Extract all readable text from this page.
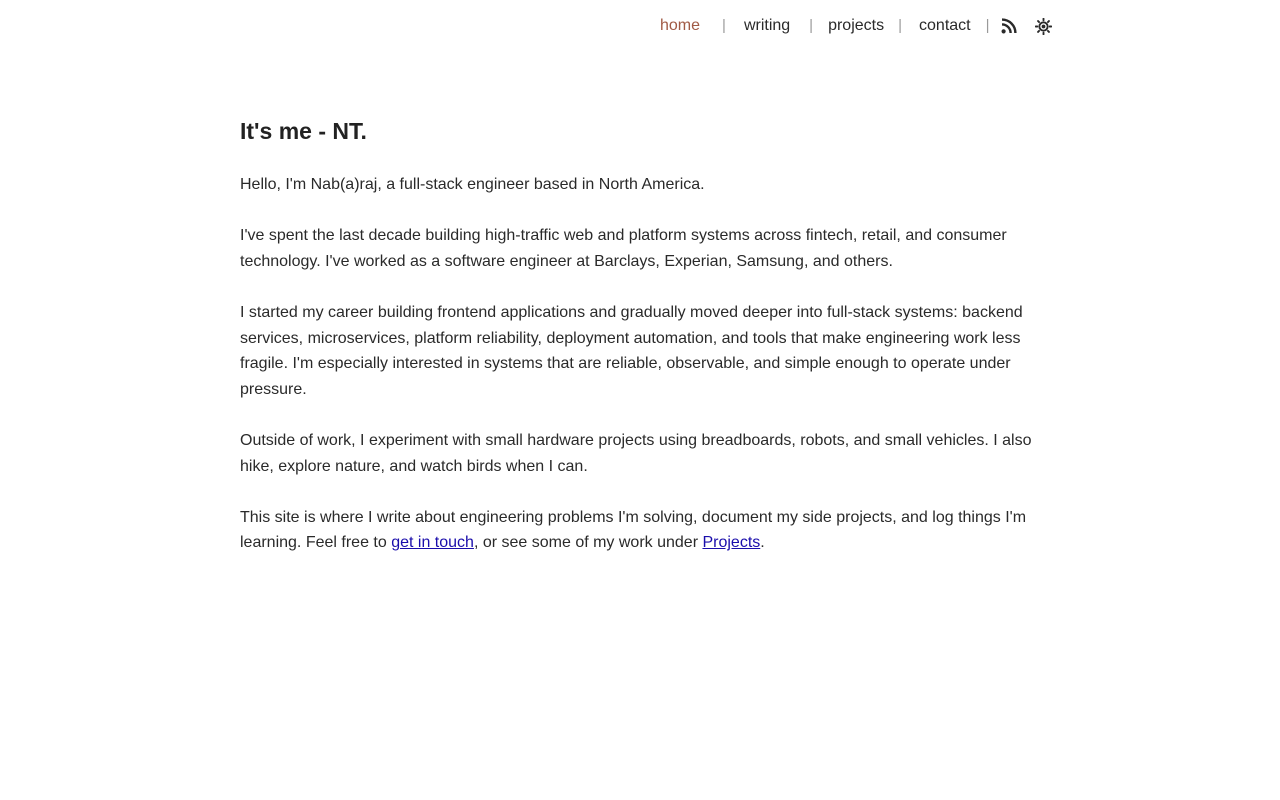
home | writing | projects | contact |
It's me - NT.

Hello, I'm Nab(a)raj, a full-stack engineer based in North America.

I've spent the last decade building high-traffic web and platform systems across fintech, retail, and consumer technology. I've worked as a software engineer at Barclays, Experian, Samsung, and others.

I started my career building frontend applications and gradually moved deeper into full-stack systems: backend services, microservices, platform reliability, deployment automation, and tools that make engineering work less fragile. I'm especially interested in systems that are reliable, observable, and simple enough to operate under pressure.

Outside of work, I experiment with small hardware projects using breadboards, robots, and small vehicles. I also hike, explore nature, and watch birds when I can.

This site is where I write about engineering problems I'm solving, document my side projects, and log things I'm learning. Feel free to get in touch, or see some of my work under Projects.
